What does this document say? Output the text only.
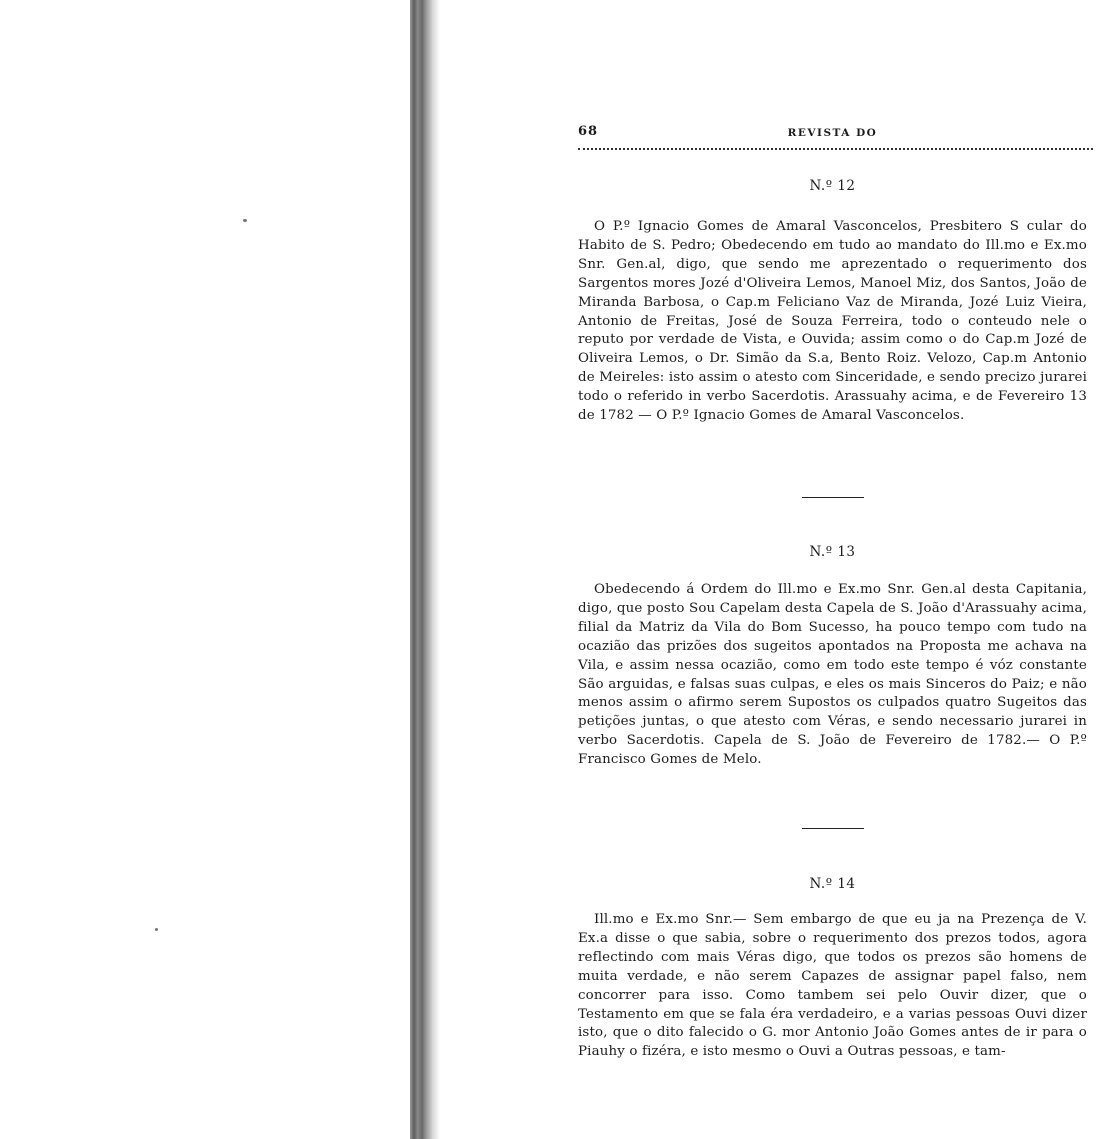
68	REVISTA DO
N.º 12

O P.º Ignacio Gomes de Amaral Vasconcelos, Presbitero S cular do Habito de S. Pedro; Obedecendo em tudo ao mandato do Ill.mo e Ex.mo Snr. Gen.al, digo, que sendo me aprezentado o requerimento dos Sargentos mores Jozé d'Oliveira Lemos, Manoel Miz, dos Santos, João de Miranda Barbosa, o Cap.m Feliciano Vaz de Miranda, Jozé Luiz Vieira, Antonio de Freitas, José de Souza Ferreira, todo o conteudo nele o reputo por verdade de Vista, e Ouvida; assim como o do Cap.m Jozé de Oliveira Lemos, o Dr. Simão da S.a, Bento Roiz. Velozo, Cap.m Antonio de Meireles: isto assim o atesto com Sinceridade, e sendo precizo jurarei todo o referido in verbo Sacerdotis. Arassuahy acima, e de Fevereiro 13 de 1782 — O P.º Ignacio Gomes de Amaral Vasconcelos.

N.º 13

Obedecendo á Ordem do Ill.mo e Ex.mo Snr. Gen.al desta Capitania, digo, que posto Sou Capelam desta Capela de S. João d'Arassuahy acima, filial da Matriz da Vila do Bom Sucesso, ha pouco tempo com tudo na ocazião das prizões dos sugeitos apontados na Proposta me achava na Vila, e assim nessa ocazião, como em todo este tempo é vóz constante São arguidas, e falsas suas culpas, e eles os mais Sinceros do Paiz; e não menos assim o afirmo serem Supostos os culpados quatro Sugeitos das petições juntas, o que atesto com Véras, e sendo necessario jurarei in verbo Sacerdotis. Capela de S. João de Fevereiro de 1782.— O P.º Francisco Gomes de Melo.

N.º 14

Ill.mo e Ex.mo Snr.— Sem embargo de que eu ja na Prezença de V. Ex.a disse o que sabia, sobre o requerimento dos prezos todos, agora reflectindo com mais Véras digo, que todos os prezos são homens de muita verdade, e não serem Capazes de assignar papel falso, nem concorrer para isso. Como tambem sei pelo Ouvir dizer, que o Testamento em que se fala éra verdadeiro, e a varias pessoas Ouvi dizer isto, que o dito falecido o G. mor Antonio João Gomes antes de ir para o Piauhy o fizéra, e isto mesmo o Ouvi a Outras pessoas, e tam-
